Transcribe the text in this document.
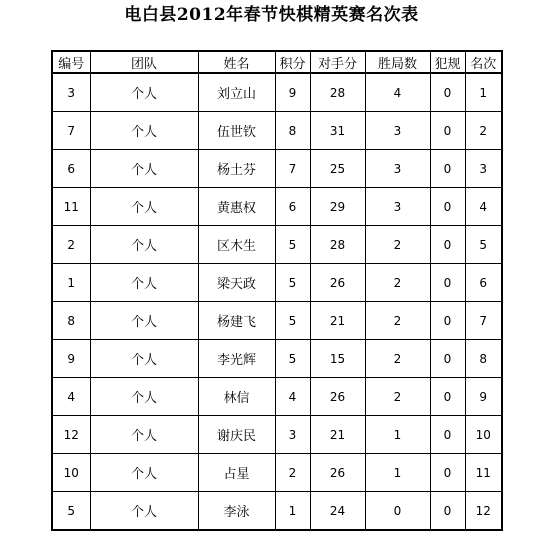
电白县2012年春节快棋精英赛名次表
编号	团队	姓名	积分	对手分	胜局数	犯规	名次
3	个人	刘立山	9	28	4	0	1
7	个人	伍世钦	8	31	3	0	2
6	个人	杨土芬	7	25	3	0	3
11	个人	黄惠权	6	29	3	0	4
2	个人	区木生	5	28	2	0	5
1	个人	梁天政	5	26	2	0	6
8	个人	杨建飞	5	21	2	0	7
9	个人	李光辉	5	15	2	0	8
4	个人	林信	4	26	2	0	9
12	个人	谢庆民	3	21	1	0	10
10	个人	占星	2	26	1	0	11
5	个人	李泳	1	24	0	0	12
